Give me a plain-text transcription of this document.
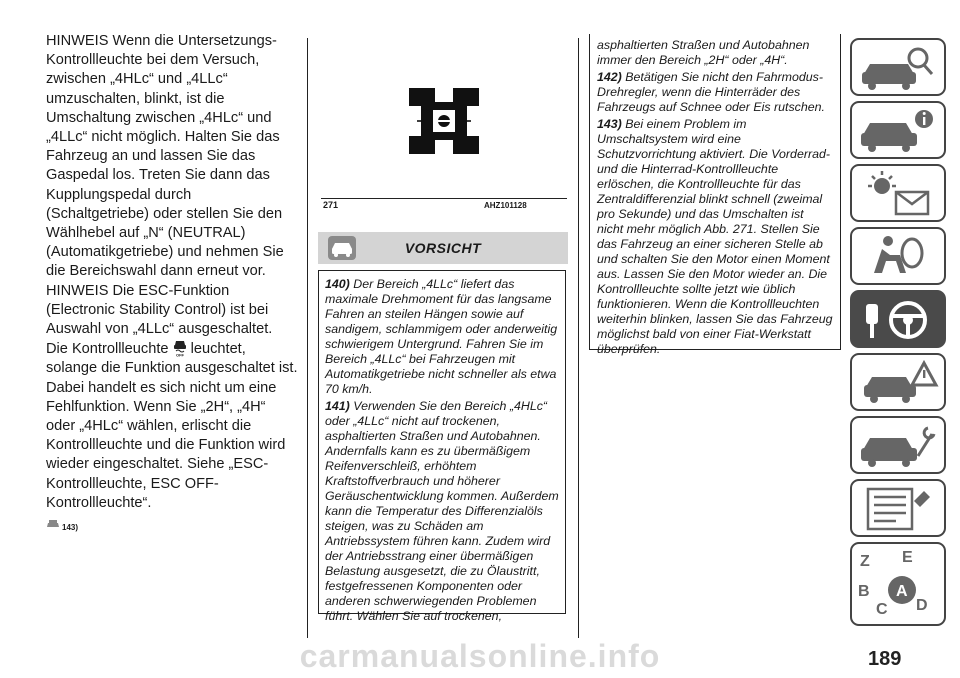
HINWEIS Wenn die Untersetzungs-Kontrollleuchte bei dem Versuch, zwischen „4HLc“ und „4LLc“ umzuschalten, blinkt, ist die Umschaltung zwischen „4HLc“ und „4LLc“ nicht möglich. Halten Sie das Fahrzeug an und lassen Sie das Gaspedal los. Treten Sie dann das Kupplungspedal durch (Schaltgetriebe) oder stellen Sie den Wählhebel auf „N“ (NEUTRAL) (Automatikgetriebe) und nehmen Sie die Bereichswahl dann erneut vor.

HINWEIS Die ESC-Funktion (Electronic Stability Control) ist bei Auswahl von „4LLc“ ausgeschaltet.

Die Kontrollleuchte OFF leuchtet, solange die Funktion ausgeschaltet ist. Dabei handelt es sich nicht um eine Fehlfunktion. Wenn Sie „2H“, „4H“ oder „4HLc“ wählen, erlischt die Kontrollleuchte und die Funktion wird wieder eingeschaltet. Siehe „ESC-Kontrollleuchte, ESC OFF-Kontrollleuchte“.

143)

271	AHZ101128
VORSICHT

140) Der Bereich „4LLc“ liefert das maximale Drehmoment für das langsame Fahren an steilen Hängen sowie auf sandigem, schlammigem oder anderweitig schwierigem Untergrund. Fahren Sie im Bereich „4LLc“ bei Fahrzeugen mit Automatikgetriebe nicht schneller als etwa 70 km/h.

141) Verwenden Sie den Bereich „4HLc“ oder „4LLc“ nicht auf trockenen, asphaltierten Straßen und Autobahnen. Andernfalls kann es zu übermäßigem Reifenverschleiß, erhöhtem Kraftstoffverbrauch und höherer Geräuschentwicklung kommen. Außerdem kann die Temperatur des Differenzialöls steigen, was zu Schäden am Antriebssystem führen kann. Zudem wird der Antriebsstrang einer übermäßigen Belastung ausgesetzt, die zu Ölaustritt, festgefressenen Komponenten oder anderen schwerwiegenden Problemen führt. Wählen Sie auf trockenen,

asphaltierten Straßen und Autobahnen immer den Bereich „2H“ oder „4H“.

142) Betätigen Sie nicht den Fahrmodus-Drehregler, wenn die Hinterräder des Fahrzeugs auf Schnee oder Eis rutschen.

143) Bei einem Problem im Umschaltsystem wird eine Schutzvorrichtung aktiviert. Die Vorderrad- und die Hinterrad-Kontrollleuchte erlöschen, die Kontrollleuchte für das Zentraldifferenzial blinkt schnell (zweimal pro Sekunde) und das Umschalten ist nicht mehr möglich Abb. 271. Stellen Sie das Fahrzeug an einer sicheren Stelle ab und schalten Sie den Motor einen Moment aus. Lassen Sie den Motor wieder an. Die Kontrollleuchte sollte jetzt wie üblich funktionieren. Wenn die Kontrollleuchten weiterhin blinken, lassen Sie das Fahrzeug möglichst bald von einer Fiat-Werkstatt überprüfen.

Z E
B A
C D
carmanualsonline.info	189
